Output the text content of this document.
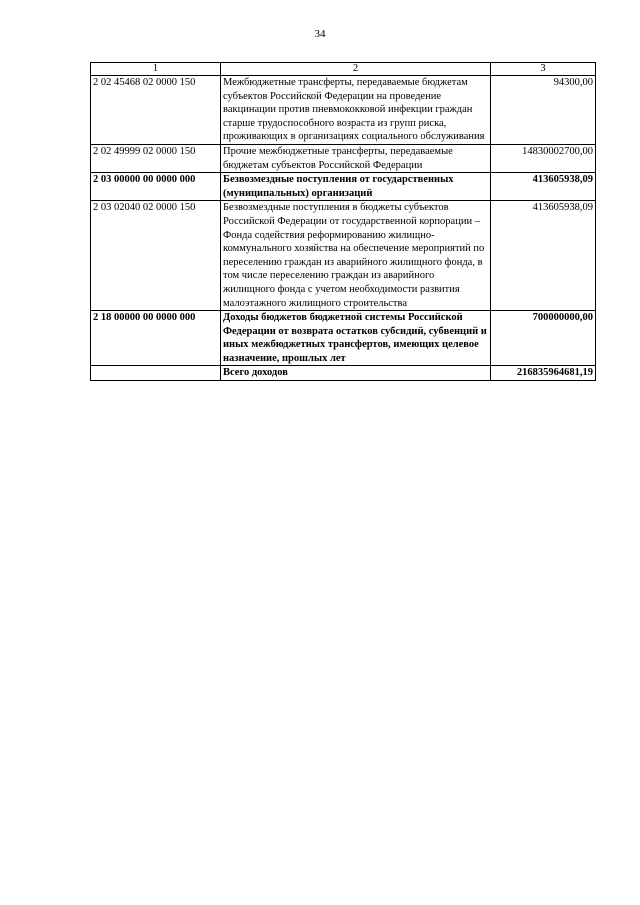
34
1	2	3
2 02 45468 02 0000 150	Межбюджетные трансферты, передаваемые бюджетам субъектов Российской Федерации на проведение вакцинации против пневмококковой инфекции граждан старше трудоспособного возраста из групп риска, проживающих в организациях социального обслуживания	94300,00
2 02 49999 02 0000 150	Прочие межбюджетные трансферты, передаваемые бюджетам субъектов Российской Федерации	14830002700,00
2 03 00000 00 0000 000	Безвозмездные поступления от государственных (муниципальных) организаций	413605938,09
2 03 02040 02 0000 150	Безвозмездные поступления в бюджеты субъектов Российской Федерации от государственной корпорации – Фонда содействия реформированию жилищно-коммунального хозяйства на обеспечение мероприятий по переселению граждан из аварийного жилищного фонда, в том числе переселению граждан из аварийного жилищного фонда с учетом необходимости развития малоэтажного жилищного строительства	413605938,09
2 18 00000 00 0000 000	Доходы бюджетов бюджетной системы Российской Федерации от возврата остатков субсидий, субвенций и иных межбюджетных трансфертов, имеющих целевое назначение, прошлых лет	700000000,00
	Всего доходов	216835964681,19
